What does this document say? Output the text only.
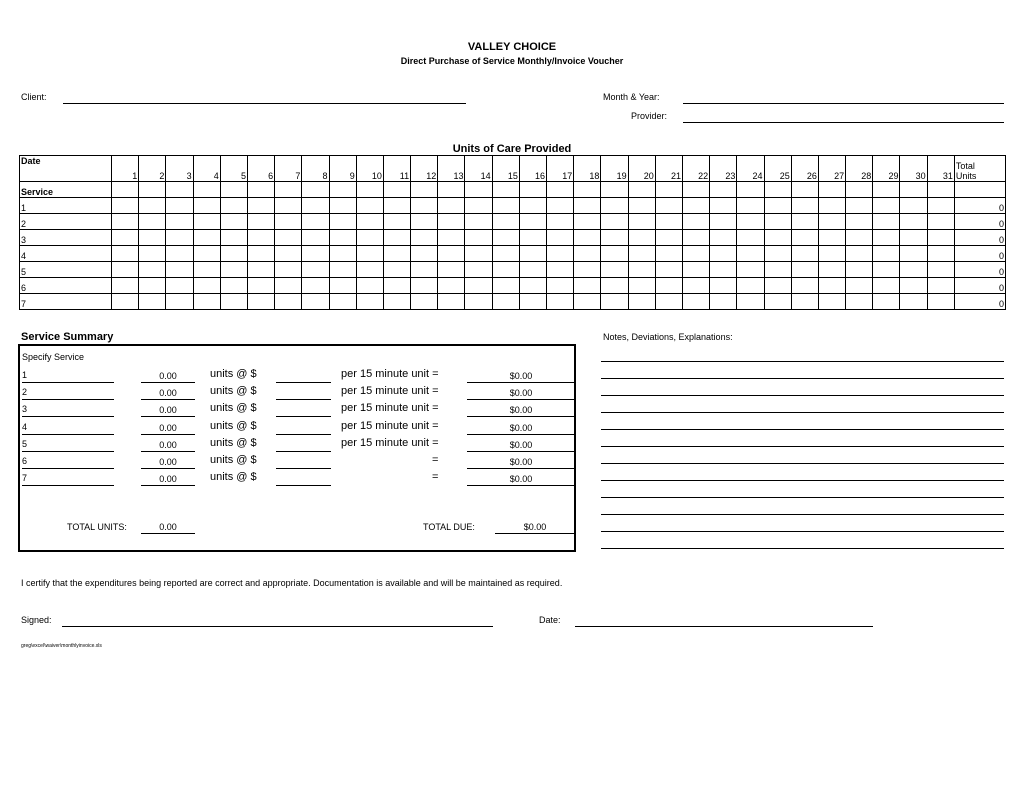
VALLEY CHOICE
Direct Purchase of Service Monthly/Invoice Voucher
Client:	Month & Year:
Provider:
Units of Care Provided
Date	1	2	3	4	5	6	7	8	9	10	11	12	13	14	15	16	17	18	19	20	21	22	23	24	25	26	27	28	29	30	31	Total
Units

Service																																
1																																0
2																																0
3																																0
4																																0
5																																0
6																																0
7																																0
Service Summary
Specify Service
1	0.00	units @ $	per 15 minute unit =	$0.00
2	0.00	units @ $	per 15 minute unit =	$0.00
3	0.00	units @ $	per 15 minute unit =	$0.00
4	0.00	units @ $	per 15 minute unit =	$0.00
5	0.00	units @ $	per 15 minute unit =	$0.00
6	0.00	units @ $	=	$0.00
7	0.00	units @ $	=	$0.00
TOTAL UNITS:	0.00	TOTAL DUE:	$0.00
Notes, Deviations, Explanations:
I certify that the expenditures being reported are correct and appropriate. Documentation is available and will be maintained as required.
Signed:	Date:
greg\excel\waiver\monthlyinvoice.xls
